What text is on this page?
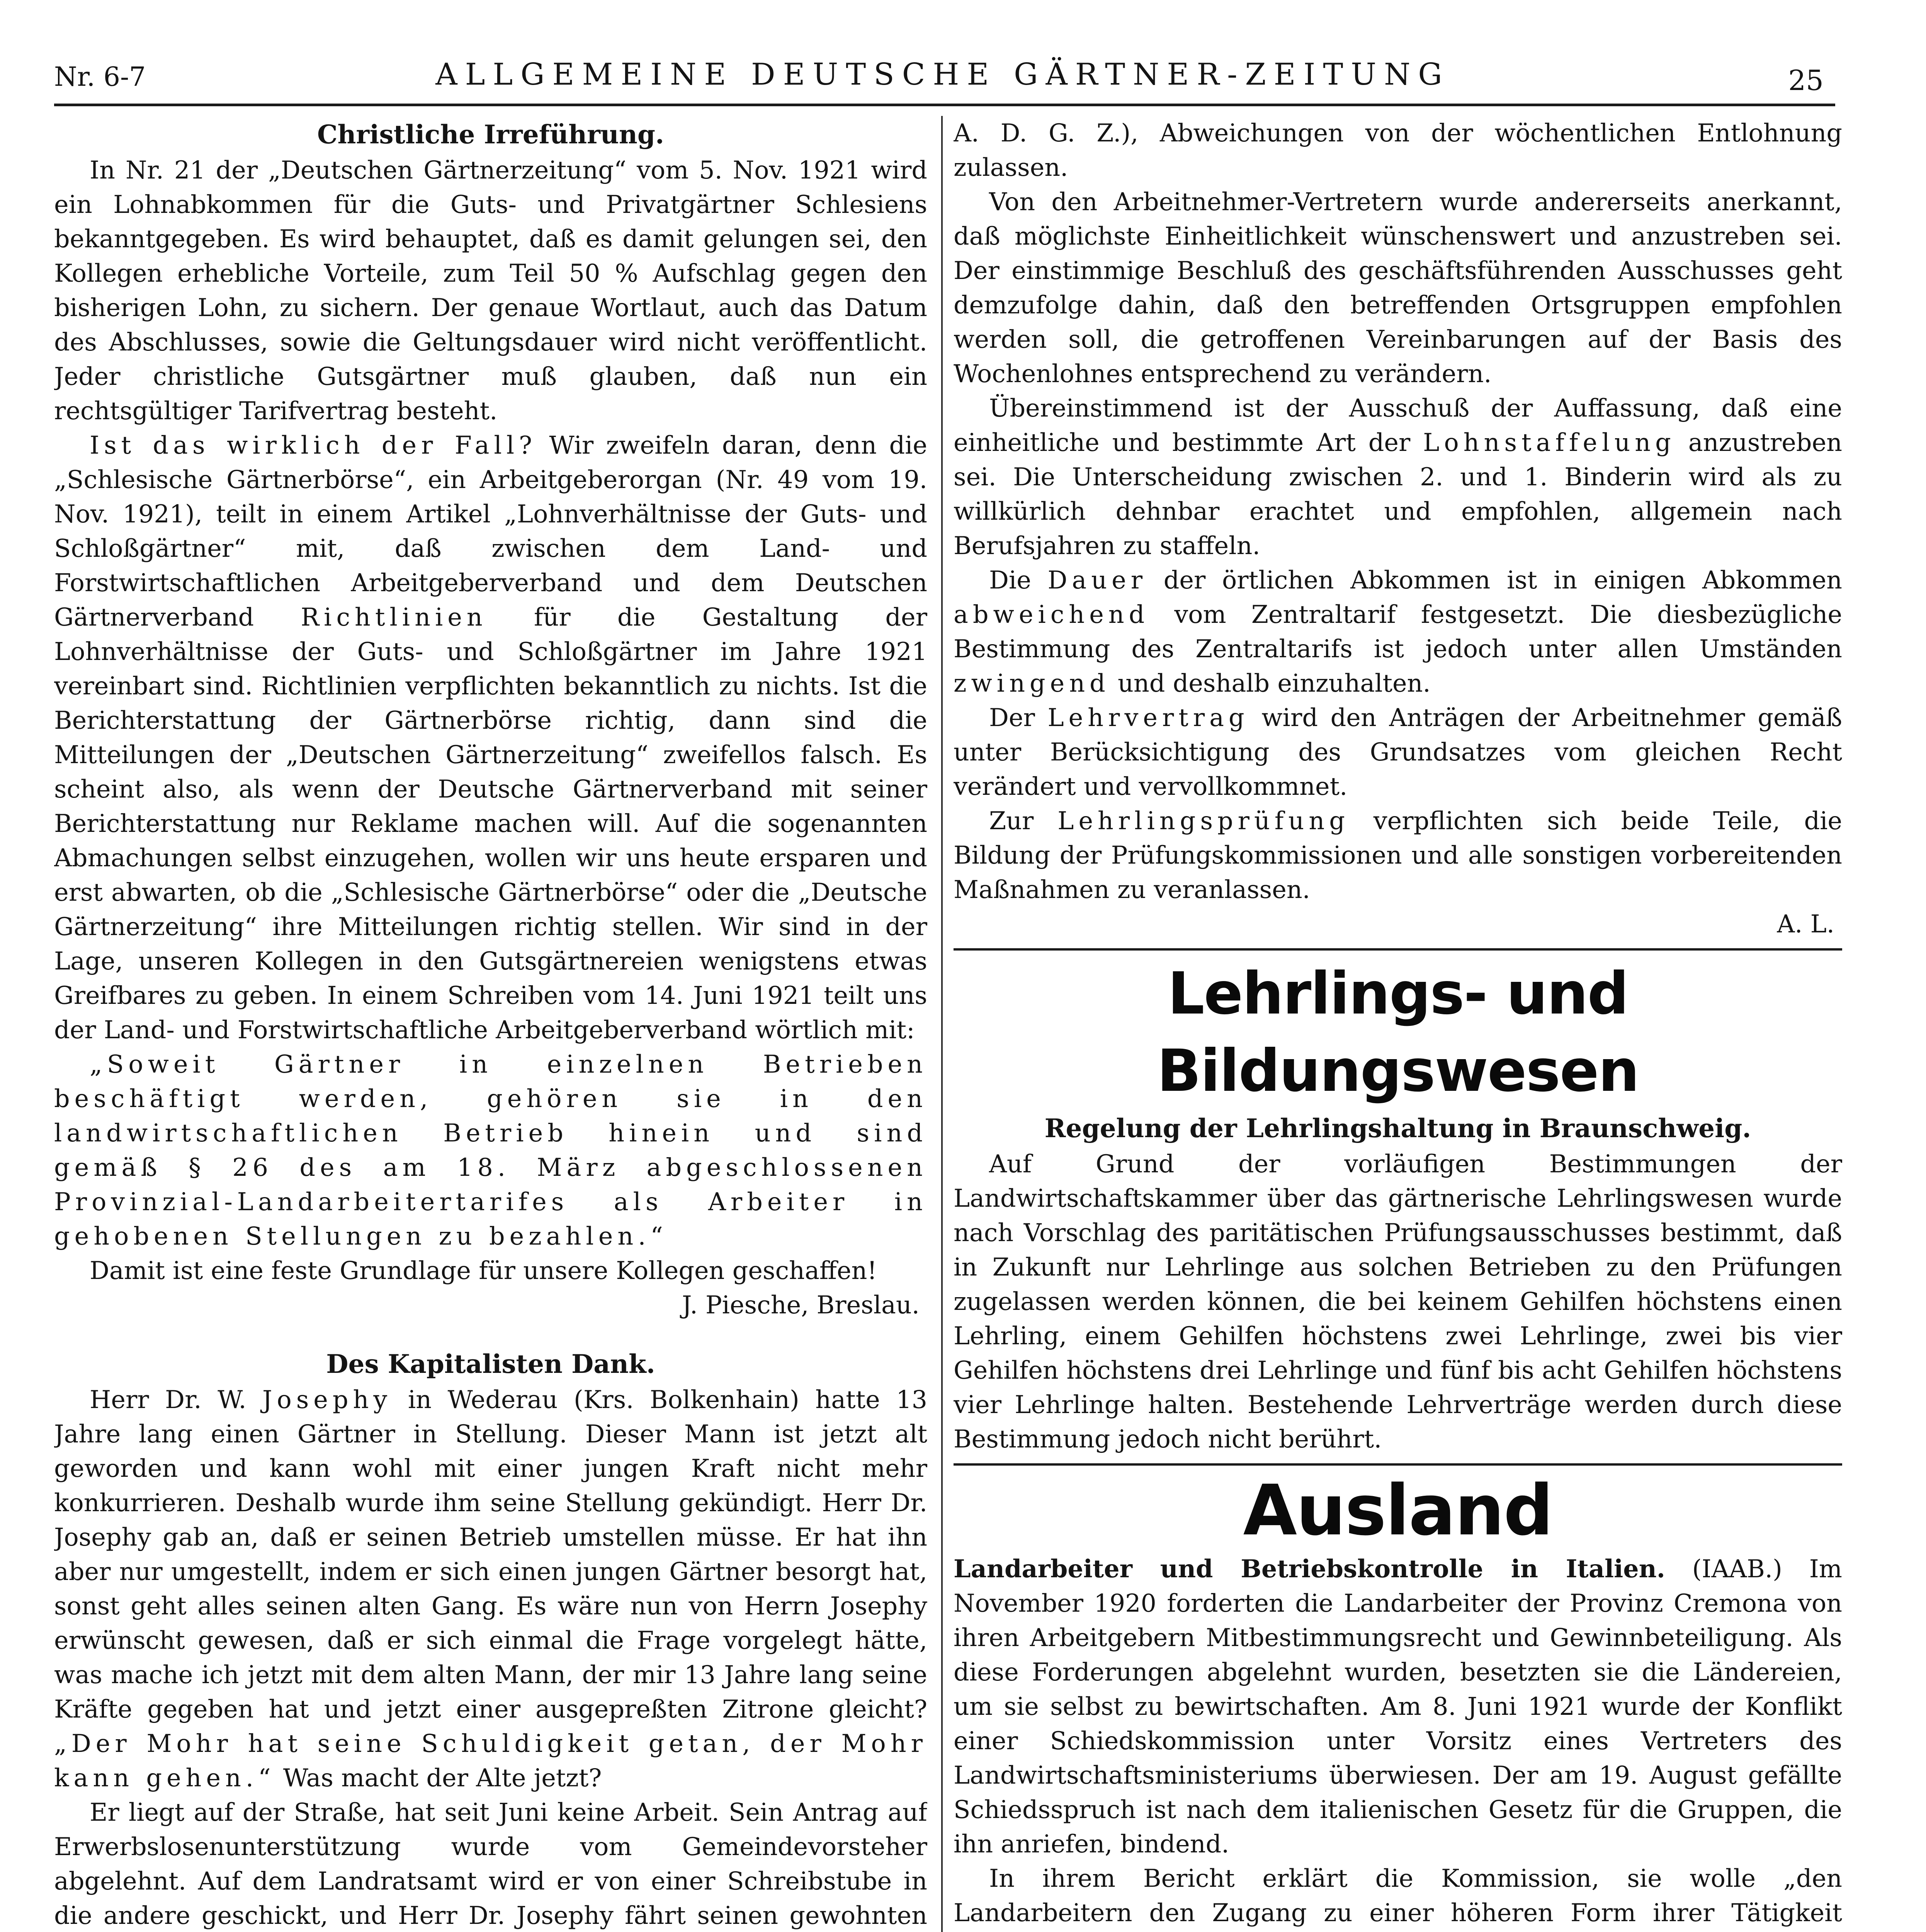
Nr. 6-7	ALLGEMEINE DEUTSCHE GÄRTNER-ZEITUNG	25
Christliche Irreführung.

In Nr. 21 der „Deutschen Gärtnerzeitung“ vom 5. Nov. 1921 wird ein Lohnabkommen für die Guts- und Privatgärtner Schlesiens bekanntgegeben. Es wird behauptet, daß es damit gelungen sei, den Kollegen erhebliche Vorteile, zum Teil 50 % Aufschlag gegen den bisherigen Lohn, zu sichern. Der genaue Wortlaut, auch das Datum des Abschlusses, sowie die Geltungsdauer wird nicht veröffentlicht. Jeder christliche Gutsgärtner muß glauben, daß nun ein rechtsgültiger Tarifvertrag besteht.

Ist das wirklich der Fall? Wir zweifeln daran, denn die „Schlesische Gärtnerbörse“, ein Arbeitgeberorgan (Nr. 49 vom 19. Nov. 1921), teilt in einem Artikel „Lohnverhältnisse der Guts- und Schloßgärtner“ mit, daß zwischen dem Land- und Forstwirtschaftlichen Arbeitgeberverband und dem Deutschen Gärtnerverband Richtlinien für die Gestaltung der Lohnverhältnisse der Guts- und Schloßgärtner im Jahre 1921 vereinbart sind. Richtlinien verpflichten bekanntlich zu nichts. Ist die Berichterstattung der Gärtnerbörse richtig, dann sind die Mitteilungen der „Deutschen Gärtnerzeitung“ zweifellos falsch. Es scheint also, als wenn der Deutsche Gärtnerverband mit seiner Berichterstattung nur Reklame machen will. Auf die sogenannten Abmachungen selbst einzugehen, wollen wir uns heute ersparen und erst abwarten, ob die „Schlesische Gärtnerbörse“ oder die „Deutsche Gärtnerzeitung“ ihre Mitteilungen richtig stellen. Wir sind in der Lage, unseren Kollegen in den Gutsgärtnereien wenigstens etwas Greifbares zu geben. In einem Schreiben vom 14. Juni 1921 teilt uns der Land- und Forstwirtschaftliche Arbeitgeberverband wörtlich mit:

„Soweit Gärtner in einzelnen Betrieben beschäftigt werden, gehören sie in den landwirtschaftlichen Betrieb hinein und sind gemäß § 26 des am 18. März abgeschlossenen Provinzial-Landarbeitertarifes als Arbeiter in gehobenen Stellungen zu bezahlen.“

Damit ist eine feste Grundlage für unsere Kollegen geschaffen!

J. Piesche, Breslau.

Des Kapitalisten Dank.

Herr Dr. W. Josephy in Wederau (Krs. Bolkenhain) hatte 13 Jahre lang einen Gärtner in Stellung. Dieser Mann ist jetzt alt geworden und kann wohl mit einer jungen Kraft nicht mehr konkurrieren. Deshalb wurde ihm seine Stellung gekündigt. Herr Dr. Josephy gab an, daß er seinen Betrieb umstellen müsse. Er hat ihn aber nur umgestellt, indem er sich einen jungen Gärtner besorgt hat, sonst geht alles seinen alten Gang. Es wäre nun von Herrn Josephy erwünscht gewesen, daß er sich einmal die Frage vorgelegt hätte, was mache ich jetzt mit dem alten Mann, der mir 13 Jahre lang seine Kräfte gegeben hat und jetzt einer ausgepreßten Zitrone gleicht? „Der Mohr hat seine Schuldigkeit getan, der Mohr kann gehen.“ Was macht der Alte jetzt?

Er liegt auf der Straße, hat seit Juni keine Arbeit. Sein Antrag auf Erwerbslosenunterstützung wurde vom Gemeindevorsteher abgelehnt. Auf dem Landratsamt wird er von einer Schreibstube in die andere geschickt, und Herr Dr. Josephy fährt seinen gewohnten

A. D. G. Z.), Abweichungen von der wöchentlichen Entlohnung zulassen.

Von den Arbeitnehmer-Vertretern wurde andererseits anerkannt, daß möglichste Einheitlichkeit wünschenswert und anzustreben sei. Der einstimmige Beschluß des geschäftsführenden Ausschusses geht demzufolge dahin, daß den betreffenden Ortsgruppen empfohlen werden soll, die getroffenen Vereinbarungen auf der Basis des Wochenlohnes entsprechend zu verändern.

Übereinstimmend ist der Ausschuß der Auffassung, daß eine einheitliche und bestimmte Art der Lohnstaffelung anzustreben sei. Die Unterscheidung zwischen 2. und 1. Binderin wird als zu willkürlich dehnbar erachtet und empfohlen, allgemein nach Berufsjahren zu staffeln.

Die Dauer der örtlichen Abkommen ist in einigen Abkommen abweichend vom Zentraltarif festgesetzt. Die diesbezügliche Bestimmung des Zentraltarifs ist jedoch unter allen Umständen zwingend und deshalb einzuhalten.

Der Lehrvertrag wird den Anträgen der Arbeitnehmer gemäß unter Berücksichtigung des Grundsatzes vom gleichen Recht verändert und vervollkommnet.

Zur Lehrlingsprüfung verpflichten sich beide Teile, die Bildung der Prüfungskommissionen und alle sonstigen vorbereitenden Maßnahmen zu veranlassen.

A. L.

Lehrlings- und Bildungswesen
Regelung der Lehrlingshaltung in Braunschweig.

Auf Grund der vorläufigen Bestimmungen der Landwirtschaftskammer über das gärtnerische Lehrlingswesen wurde nach Vorschlag des paritätischen Prüfungsausschusses bestimmt, daß in Zukunft nur Lehrlinge aus solchen Betrieben zu den Prüfungen zugelassen werden können, die bei keinem Gehilfen höchstens einen Lehrling, einem Gehilfen höchstens zwei Lehrlinge, zwei bis vier Gehilfen höchstens drei Lehrlinge und fünf bis acht Gehilfen höchstens vier Lehrlinge halten. Bestehende Lehrverträge werden durch diese Bestimmung jedoch nicht berührt.

Ausland

Landarbeiter und Betriebskontrolle in Italien. (IAAB.) Im November 1920 forderten die Landarbeiter der Provinz Cremona von ihren Arbeitgebern Mitbestimmungsrecht und Gewinnbeteiligung. Als diese Forderungen abgelehnt wurden, besetzten sie die Ländereien, um sie selbst zu bewirtschaften. Am 8. Juni 1921 wurde der Konflikt einer Schiedskommission unter Vorsitz eines Vertreters des Landwirtschaftsministeriums überwiesen. Der am 19. August gefällte Schiedsspruch ist nach dem italienischen Gesetz für die Gruppen, die ihn anriefen, bindend.

In ihrem Bericht erklärt die Kommission, sie wolle „den Landarbeitern den Zugang zu einer höheren Form ihrer Tätigkeit
